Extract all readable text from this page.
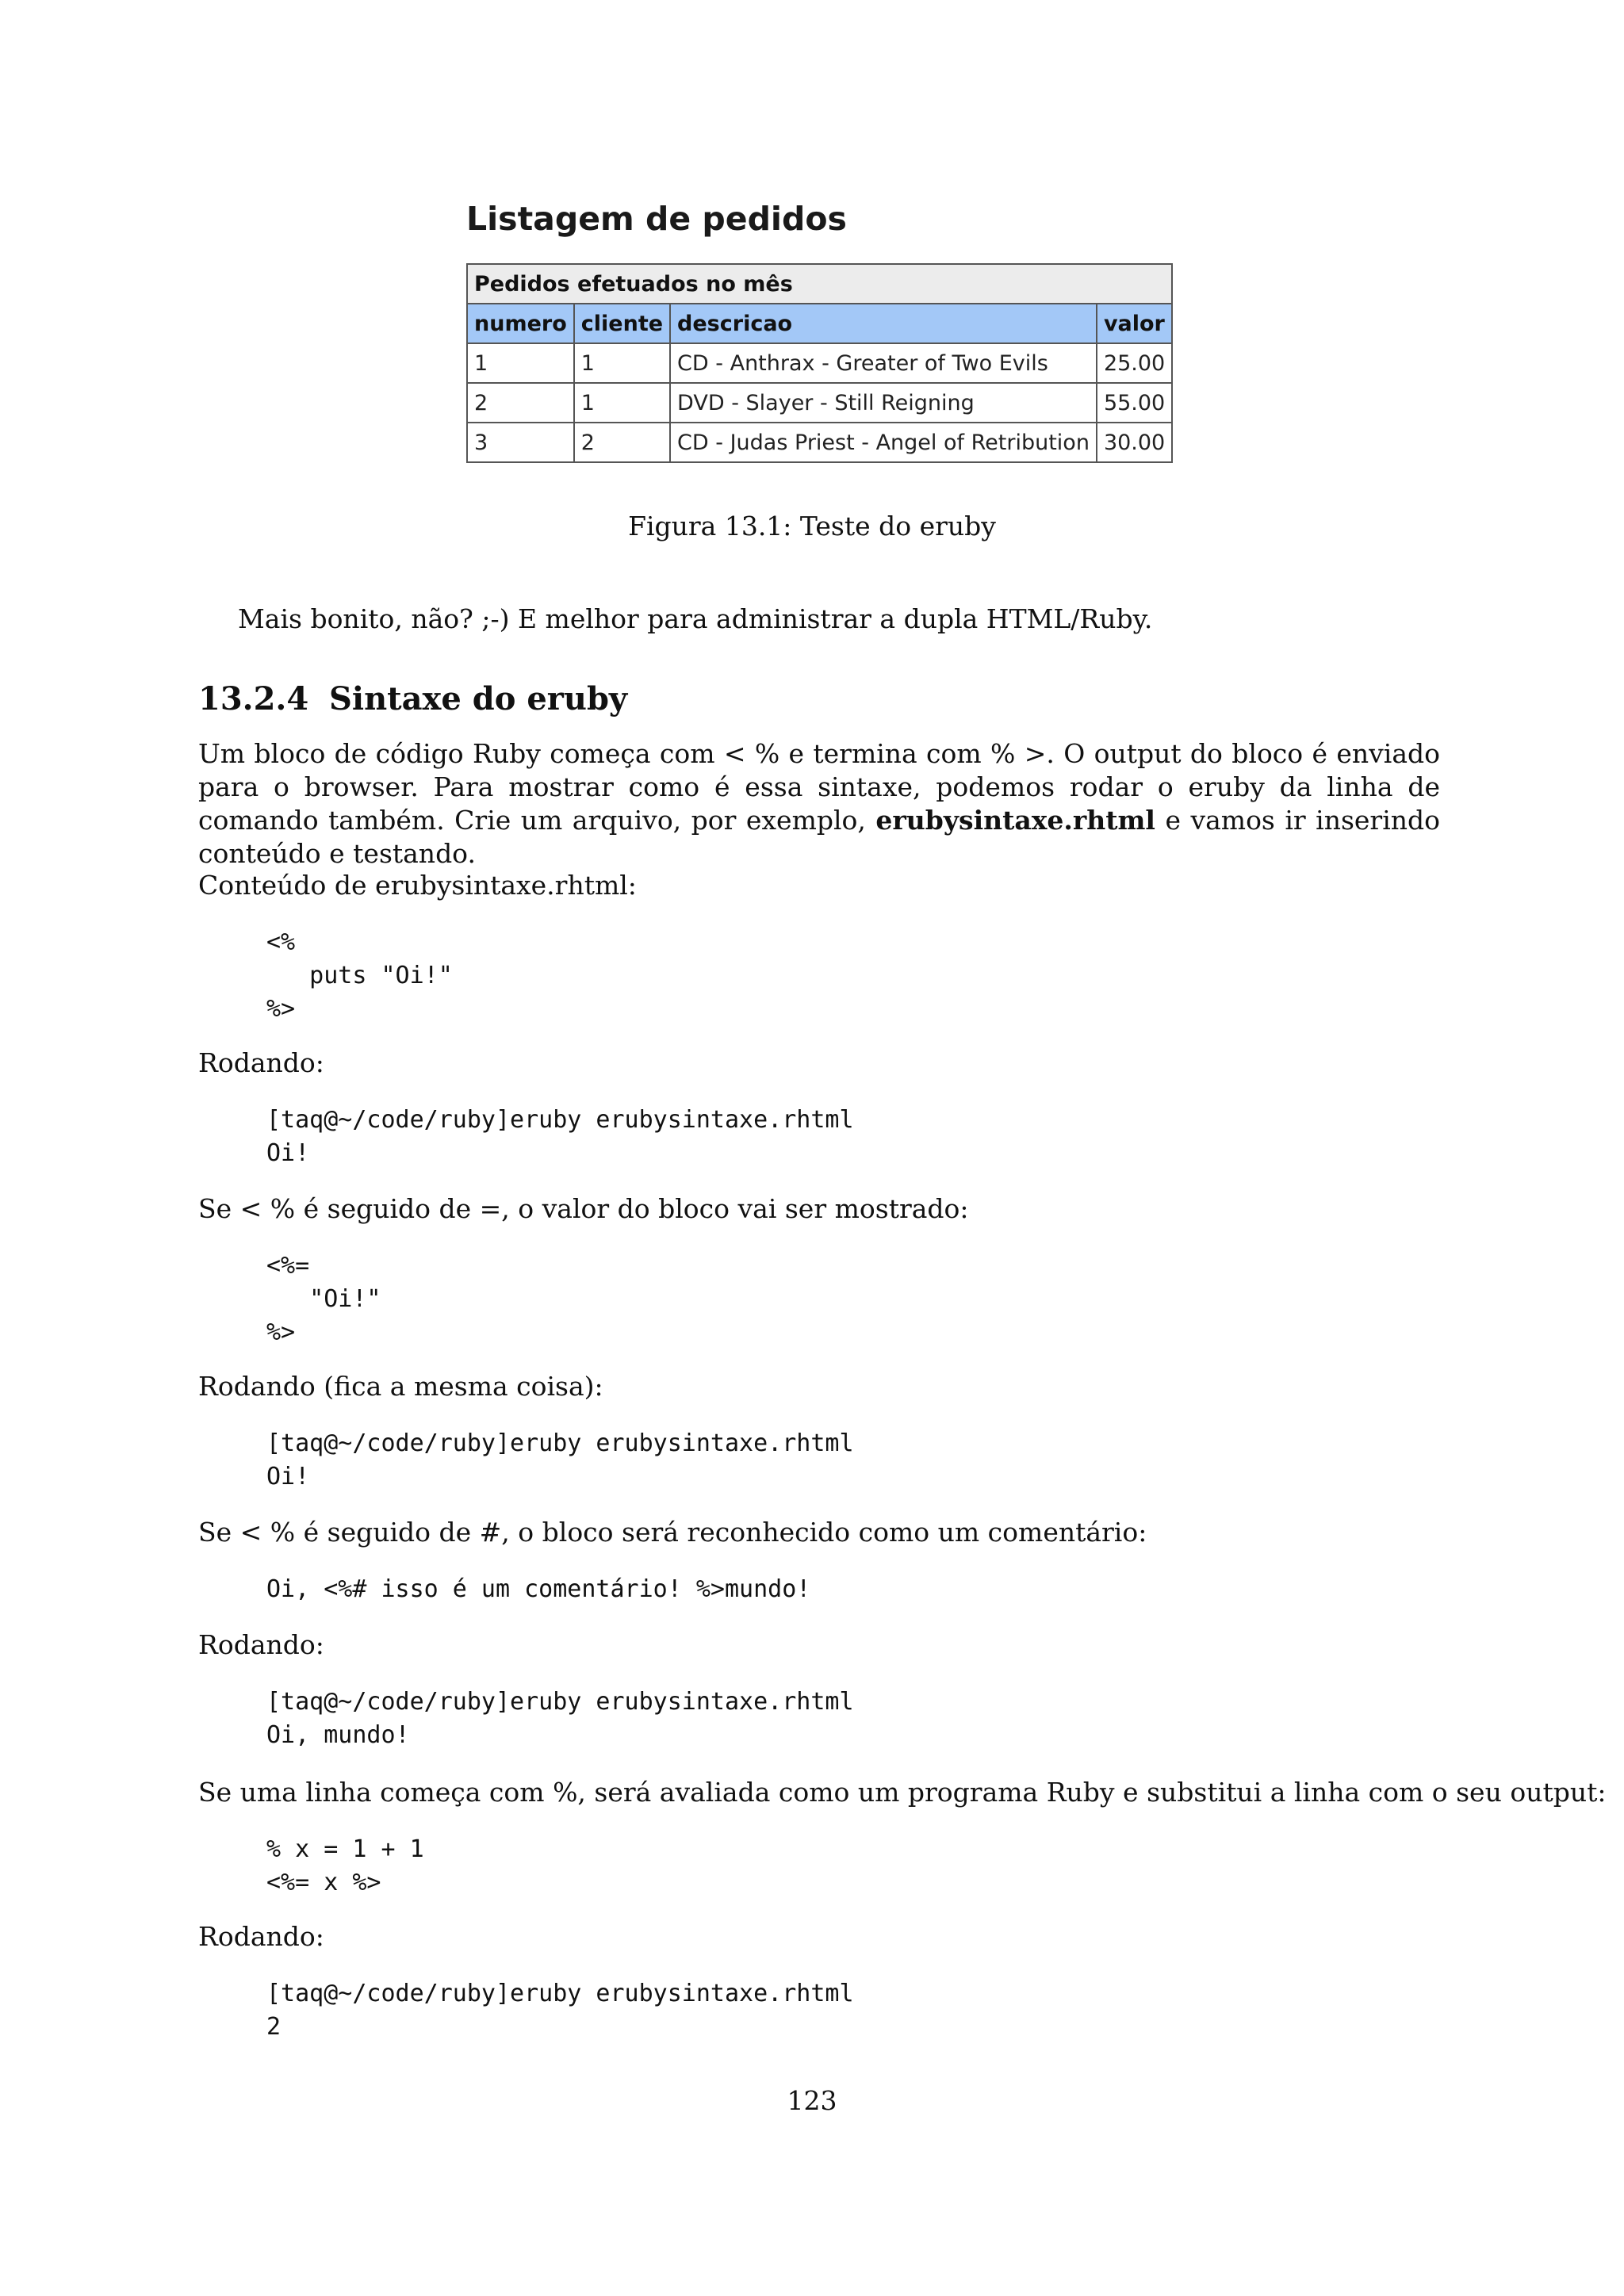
Listagem de pedidos
Pedidos efetuados no mês			
numero	cliente	descricao	valor
1	1	CD - Anthrax - Greater of Two Evils	25.00
2	1	DVD - Slayer - Still Reigning	55.00
3	2	CD - Judas Priest - Angel of Retribution	30.00
Figura 13.1: Teste do eruby
Mais bonito, não? ;-) E melhor para administrar a dupla HTML/Ruby.
13.2.4 Sintaxe do eruby
Um bloco de código Ruby começa com < % e termina com % >. O output do bloco é enviado para o browser. Para mostrar como é essa sintaxe, podemos rodar o eruby da linha de comando também. Crie um arquivo, por exemplo, erubysintaxe.rhtml e vamos ir inserindo conteúdo e testando.
Conteúdo de erubysintaxe.rhtml:
<%
puts "Oi!"
%>
Rodando:
[taq@~/code/ruby]eruby erubysintaxe.rhtml
Oi!
Se < % é seguido de =, o valor do bloco vai ser mostrado:
<%=
"Oi!"
%>
Rodando (fica a mesma coisa):
[taq@~/code/ruby]eruby erubysintaxe.rhtml
Oi!
Se < % é seguido de #, o bloco será reconhecido como um comentário:
Oi, <%# isso é um comentário! %>mundo!
Rodando:
[taq@~/code/ruby]eruby erubysintaxe.rhtml
Oi, mundo!
Se uma linha começa com %, será avaliada como um programa Ruby e substitui a linha com o seu output:
% x = 1 + 1
<%= x %>
Rodando:
[taq@~/code/ruby]eruby erubysintaxe.rhtml
2
123
